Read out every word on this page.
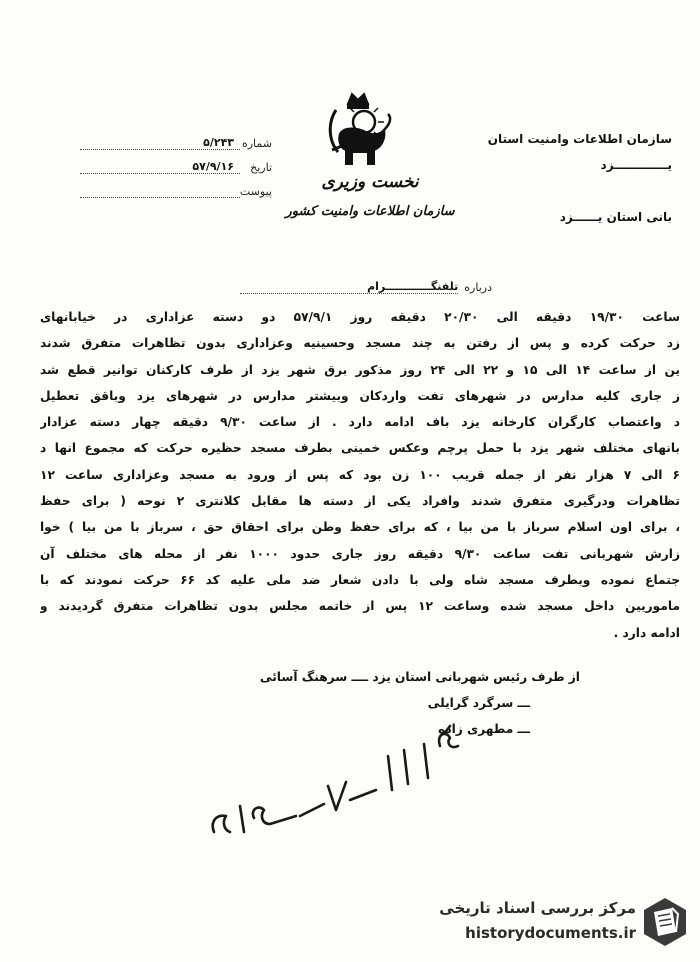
نخست وزیری
سازمان اطلاعات وامنیت کشور
سازمان اطلاعات وامنیت استان
یـــــــــــــزد
بانی استان یــــــزد
شماره
۵/۲۴۳
تاریخ
۵۷/۹/۱۶
پیوست

درباره
تلفنگــــــــــــرام
ساعت ۱۹/۳۰ دقیقه الی ۲۰/۳۰ دقیقه روز ۵۷/۹/۱ دو دسته عزاداری در خیابانهای
زد حرکت کرده و پس از رفتن به چند مسجد وحسینیه وعزاداری بدون تظاهرات متفرق شدند
ین از ساعت ۱۴ الی ۱۵ و ۲۲ الی ۲۴ روز مذکور برق شهر یزد از طرف کارکنان توانیر قطع شد
ز جاری کلیه مدارس در شهرهای تفت واردکان وبیشتر مدارس در شهرهای یزد وباقق تعطیل
د واعتصاب کارگران کارخانه یزد باف ادامه دارد . از ساعت ۹/۳۰ دقیقه چهار دسته عزادار
بانهای مختلف شهر یزد با حمل پرچم وعکس خمینی بطرف مسجد حظیره حرکت که مجموع انها د
۶ الی ۷ هزار نفر از جمله قریب ۱۰۰ زن بود که پس از ورود به مسجد وعزاداری ساعت ۱۲
تظاهرات ودرگیری متفرق شدند وافراد یکی از دسته ها مقابل کلانتری ۲ نوحه ( برای حفظ
، برای اون اسلام سرباز با من بیا ، که برای حفظ وطن برای احقاق حق ، سرباز با من بیا ) خوا
زارش شهربانی تفت ساعت ۹/۳۰ دقیقه روز جاری حدود ۱۰۰۰ نفر از محله های مختلف آن
جتماع نموده وبطرف مسجد شاه ولی با دادن شعار ضد ملی علیه کد ۶۶ حرکت نمودند که با
ماموریین داخل مسجد شده وساعت ۱۲ پس از خاتمه مجلس بدون تظاهرات متفرق گردیدند و
ادامه دارد .
از طرف رئیس شهربانی استان یزد ــــ سرهنگ آسائی
ـــ سرگرد گرایلی
ـــ مطهری زاده
مرکز بررسی اسناد تاریخی
historydocuments.ir
